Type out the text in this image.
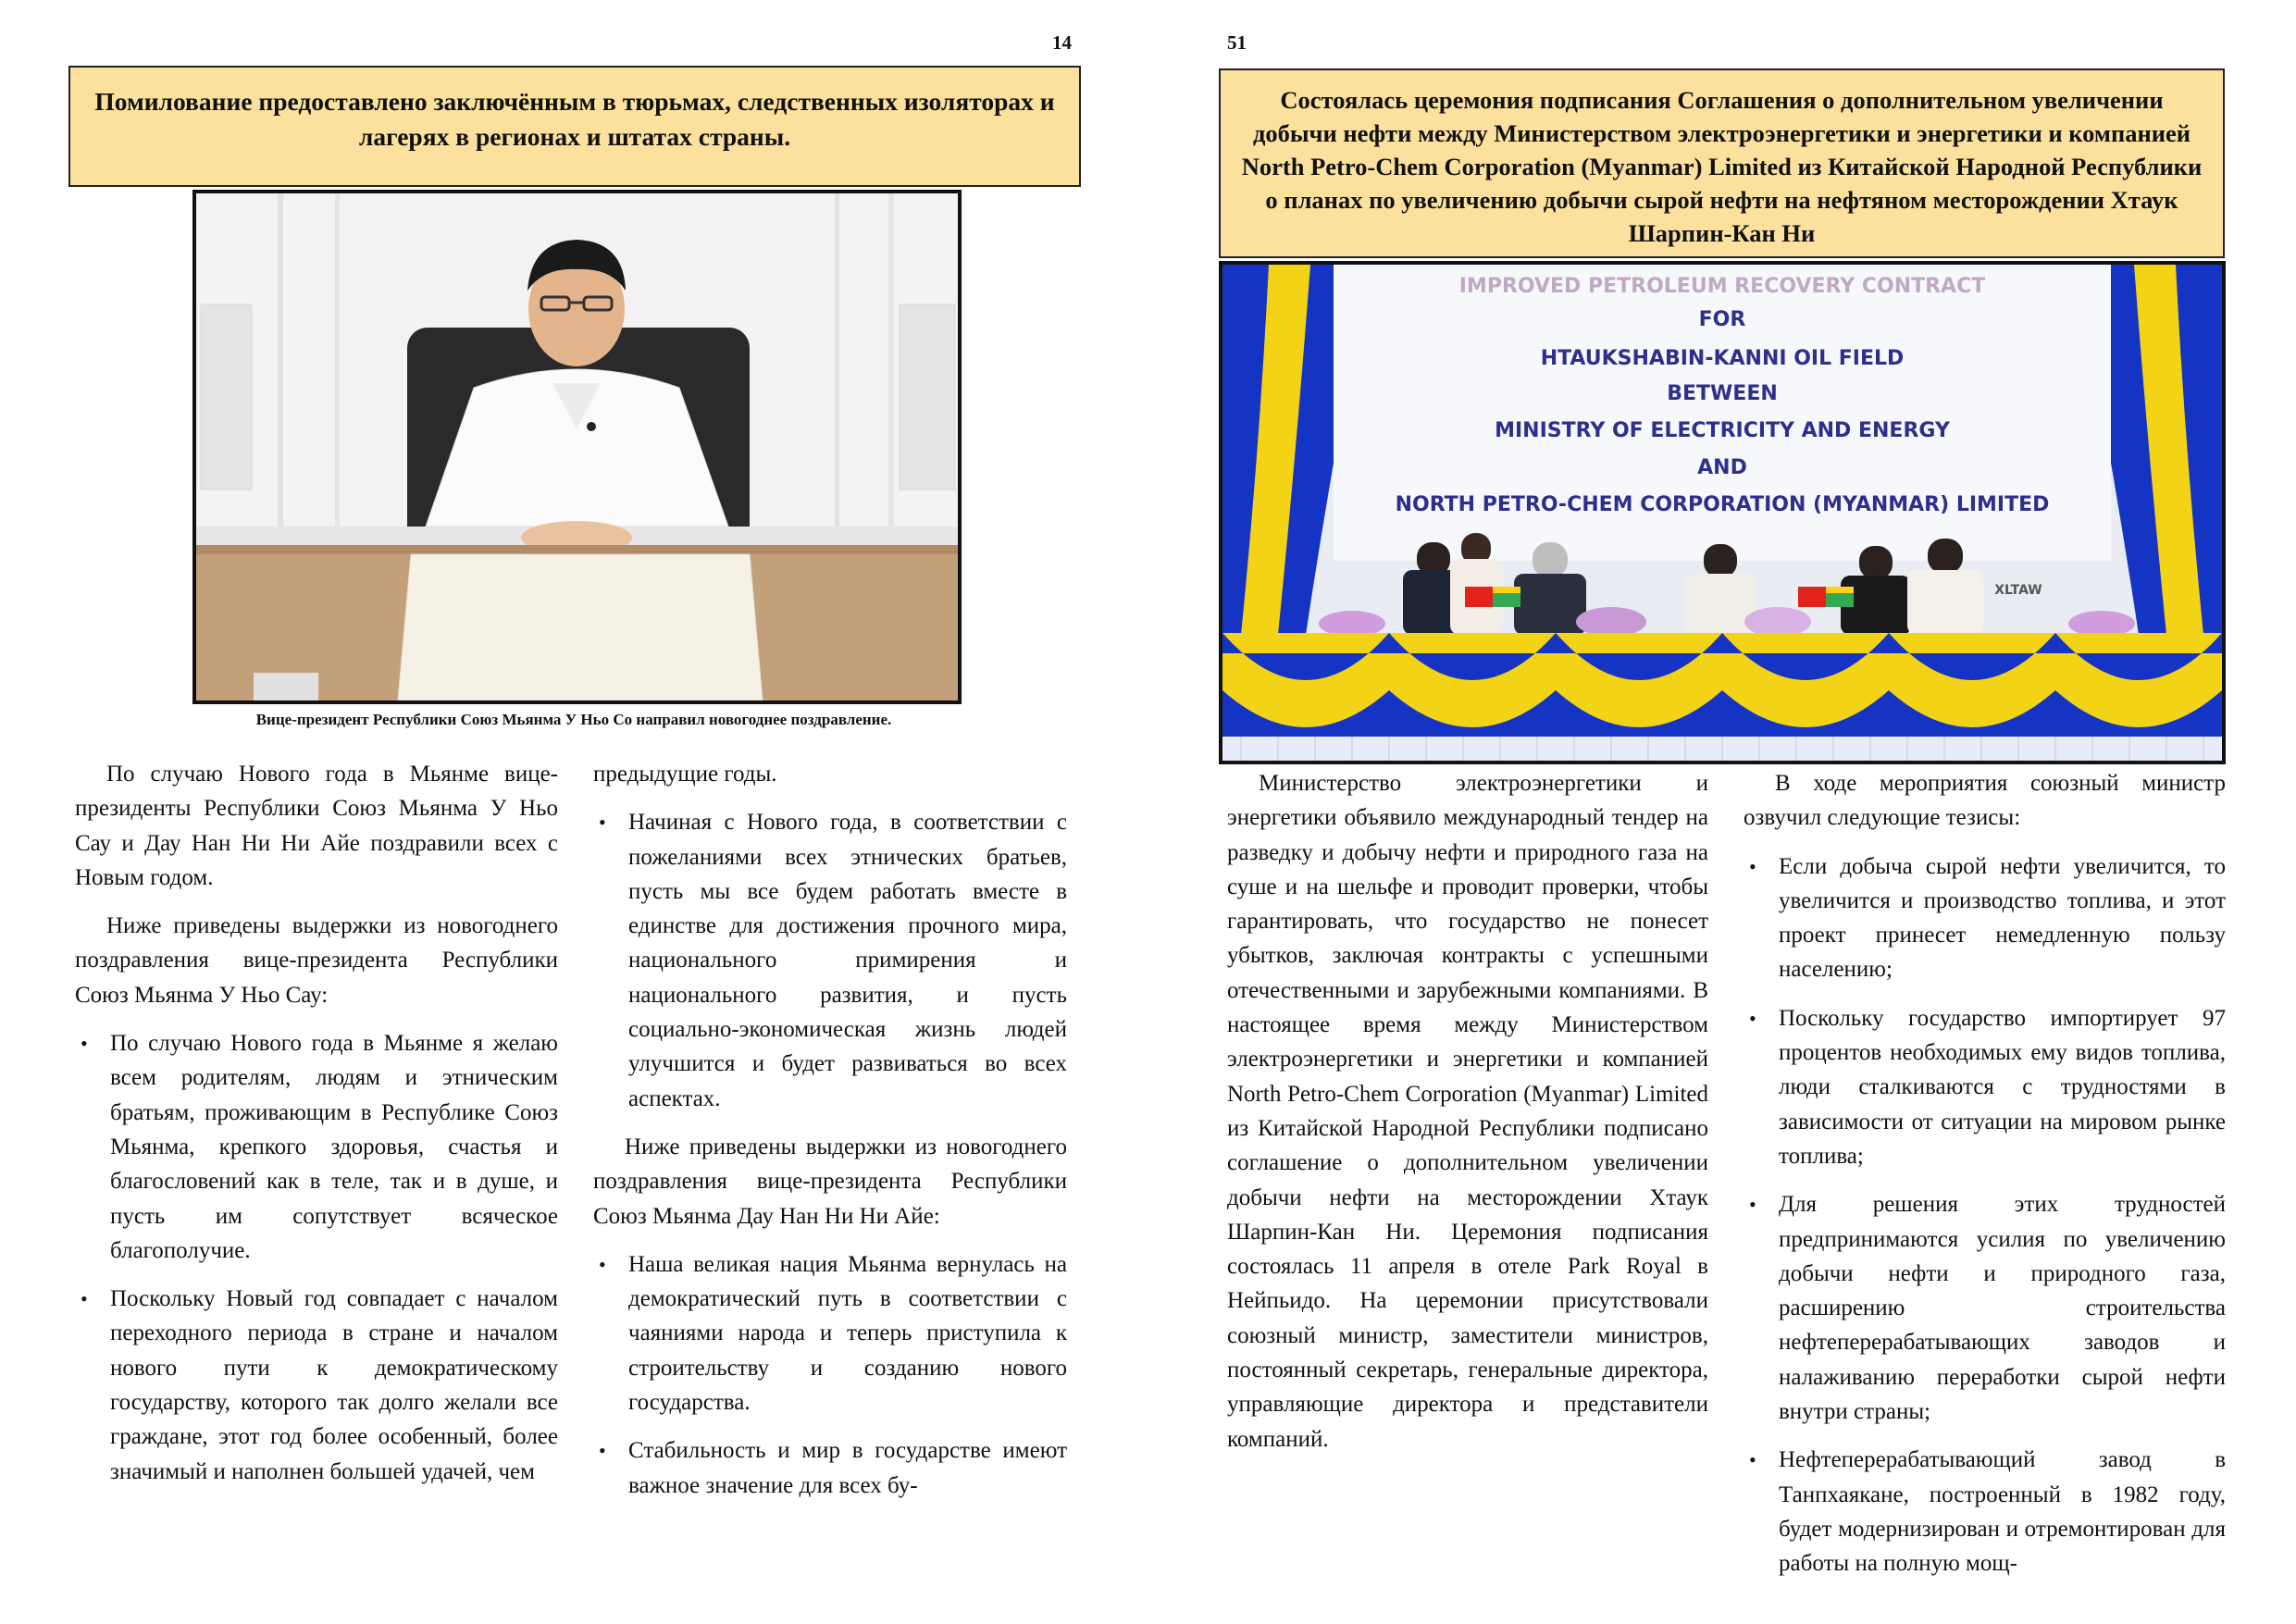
14
Помилование предоставлено заключённым в тюрьмах, следственных изоляторах и лагерях в регионах и штатах страны.
Вице-президент Республики Союз Мьянма У Ньо Со направил новогоднее поздравление.

По случаю Нового года в Мьянме вице-президенты Республики Союз Мьянма У Ньо Сау и Дау Нан Ни Ни Айе поздравили всех с Новым годом.

Ниже приведены выдержки из новогоднего поздравления вице-президента Республики Союз Мьянма У Ньо Сау:

• По случаю Нового года в Мьянме я желаю всем родителям, людям и этническим братьям, проживающим в Республике Союз Мьянма, крепкого здоровья, счастья и благословений как в теле, так и в душе, и пусть им сопутствует всяческое благополучие.
• Поскольку Новый год совпадает с началом переходного периода в стране и началом нового пути к демократическому государству, которого так долго желали все граждане, этот год более особенный, более значимый и наполнен большей удачей, чем
предыдущие годы.
• Начиная с Нового года, в соответствии с пожеланиями всех этнических братьев, пусть мы все будем работать вместе в единстве для достижения прочного мира, национального примирения и национального развития, и пусть социально-экономическая жизнь людей улучшится и будет развиваться во всех аспектах.

Ниже приведены выдержки из новогоднего поздравления вице-президента Республики Союз Мьянма Дау Нан Ни Ни Айе:

• Наша великая нация Мьянма вернулась на демократический путь в соответствии с чаяниями народа и теперь приступила к строительству и созданию нового государства.
• Стабильность и мир в государстве имеют важное значение для всех бу-
51
Состоялась церемония подписания Соглашения о дополнительном увеличении добычи нефти между Министерством электроэнергетики и энергетики и компанией North Petro-Chem Corporation (Myanmar) Limited из Китайской Народной Республики о планах по увеличению добычи сырой нефти на нефтяном месторождении Хтаук Шарпин-Кан Ни
IMPROVED PETROLEUM RECOVERY CONTRACT
FOR
HTAUKSHABIN-KANNI OIL FIELD
BETWEEN
MINISTRY OF ELECTRICITY AND ENERGY
AND
NORTH PETRO-CHEM CORPORATION (MYANMAR) LIMITED
XLTAW

Министерство электроэнергетики и энергетики объявило международный тендер на разведку и добычу нефти и природного газа на суше и на шельфе и проводит проверки, чтобы гарантировать, что государство не понесет убытков, заключая контракты с успешными отечественными и зарубежными компаниями. В настоящее время между Министерством электроэнергетики и энергетики и компанией North Petro-Chem Corporation (Myanmar) Limited из Китайской Народной Республики подписано соглашение о дополнительном увеличении добычи нефти на месторождении Хтаук Шарпин-Кан Ни. Церемония подписания состоялась 11 апреля в отеле Park Royal в Нейпьидо. На церемонии присутствовали союзный министр, заместители министров, постоянный секретарь, генеральные директора, управляющие директора и представители компаний.

В ходе мероприятия союзный министр озвучил следующие тезисы:

• Если добыча сырой нефти увеличится, то увеличится и производство топлива, и этот проект принесет немедленную пользу населению;
• Поскольку государство импортирует 97 процентов необходимых ему видов топлива, люди сталкиваются с трудностями в зависимости от ситуации на мировом рынке топлива;
• Для решения этих трудностей предпринимаются усилия по увеличению добычи нефти и природного газа, расширению строительства нефтеперерабатывающих заводов и налаживанию переработки сырой нефти внутри страны;
• Нефтеперерабатывающий завод в Танпхаякане, построенный в 1982 году, будет модернизирован и отремонтирован для работы на полную мощ-
